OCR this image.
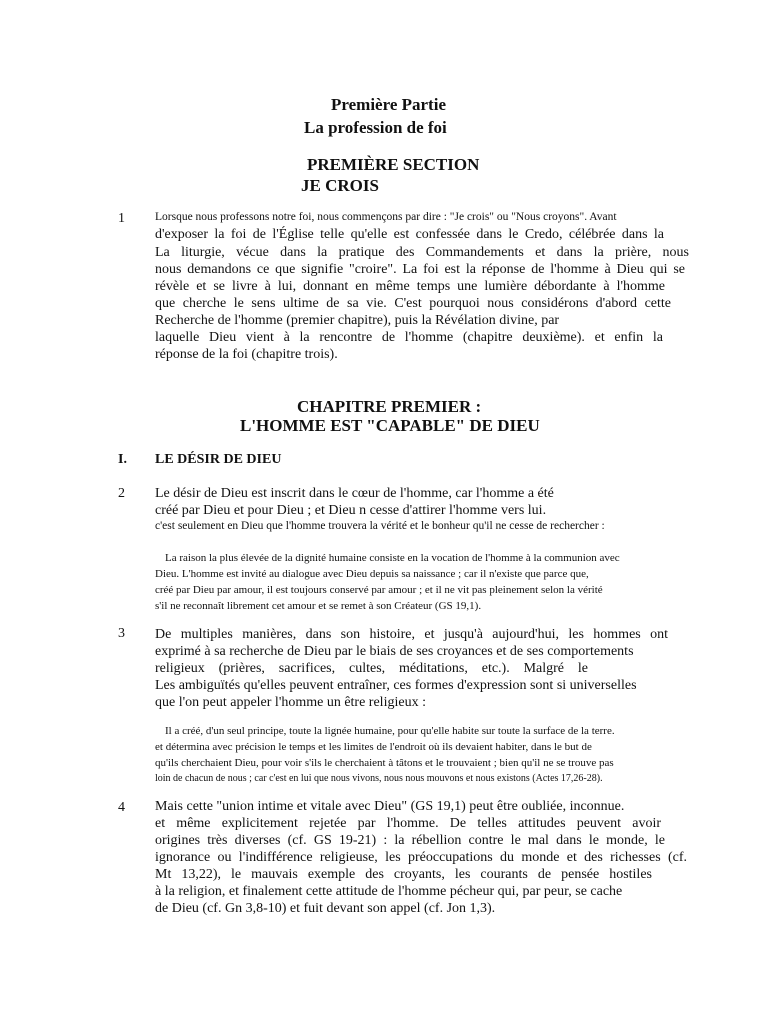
Première Partie
La profession de foi
PREMIÈRE SECTION
JE CROIS
1	Lorsque nous professons notre foi, nous commençons par dire : "Je crois" ou "Nous croyons". Avant
d'exposer la foi de l'Église telle qu'elle est confessée dans le Credo, célébrée dans la
La liturgie, vécue dans la pratique des Commandements et dans la prière, nous
nous demandons ce que signifie "croire". La foi est la réponse de l'homme à Dieu qui se
révèle et se livre à lui, donnant en même temps une lumière débordante à l'homme
que cherche le sens ultime de sa vie. C'est pourquoi nous considérons d'abord cette
Recherche de l'homme (premier chapitre), puis la Révélation divine, par
laquelle Dieu vient à la rencontre de l'homme (chapitre deuxième). et enfin la
réponse de la foi (chapitre trois).
CHAPITRE PREMIER :
L'HOMME EST "CAPABLE" DE DIEU
I. LE DÉSIR DE DIEU
2 Le désir de Dieu est inscrit dans le cœur de l'homme, car l'homme a été
créé par Dieu et pour Dieu ; et Dieu n cesse d'attirer l'homme vers lui.
c'est seulement en Dieu que l'homme trouvera la vérité et le bonheur qu'il ne cesse de rechercher :
La raison la plus élevée de la dignité humaine consiste en la vocation de l'homme à la communion avec
Dieu. L'homme est invité au dialogue avec Dieu depuis sa naissance ; car il n'existe que parce que,
créé par Dieu par amour, il est toujours conservé par amour ; et il ne vit pas pleinement selon la vérité
s'il ne reconnaît librement cet amour et se remet à son Créateur (GS 19,1).
3 De multiples manières, dans son histoire, et jusqu'à aujourd'hui, les hommes ont
exprimé à sa recherche de Dieu par le biais de ses croyances et de ses comportements
religieux (prières, sacrifices, cultes, méditations, etc.). Malgré le
Les ambiguïtés qu'elles peuvent entraîner, ces formes d'expression sont si universelles
que l'on peut appeler l'homme un être religieux :
Il a créé, d'un seul principe, toute la lignée humaine, pour qu'elle habite sur toute la surface de la terre.
et détermina avec précision le temps et les limites de l'endroit où ils devaient habiter, dans le but de
qu'ils cherchaient Dieu, pour voir s'ils le cherchaient à tâtons et le trouvaient ; bien qu'il ne se trouve pas
loin de chacun de nous ; car c'est en lui que nous vivons, nous nous mouvons et nous existons (Actes 17,26-28).
4 Mais cette "union intime et vitale avec Dieu" (GS 19,1) peut être oubliée, inconnue.
et même explicitement rejetée par l'homme. De telles attitudes peuvent avoir
origines très diverses (cf. GS 19-21) : la rébellion contre le mal dans le monde, le
ignorance ou l'indifférence religieuse, les préoccupations du monde et des richesses (cf.
Mt 13,22), le mauvais exemple des croyants, les courants de pensée hostiles
à la religion, et finalement cette attitude de l'homme pécheur qui, par peur, se cache
de Dieu (cf. Gn 3,8-10) et fuit devant son appel (cf. Jon 1,3).
